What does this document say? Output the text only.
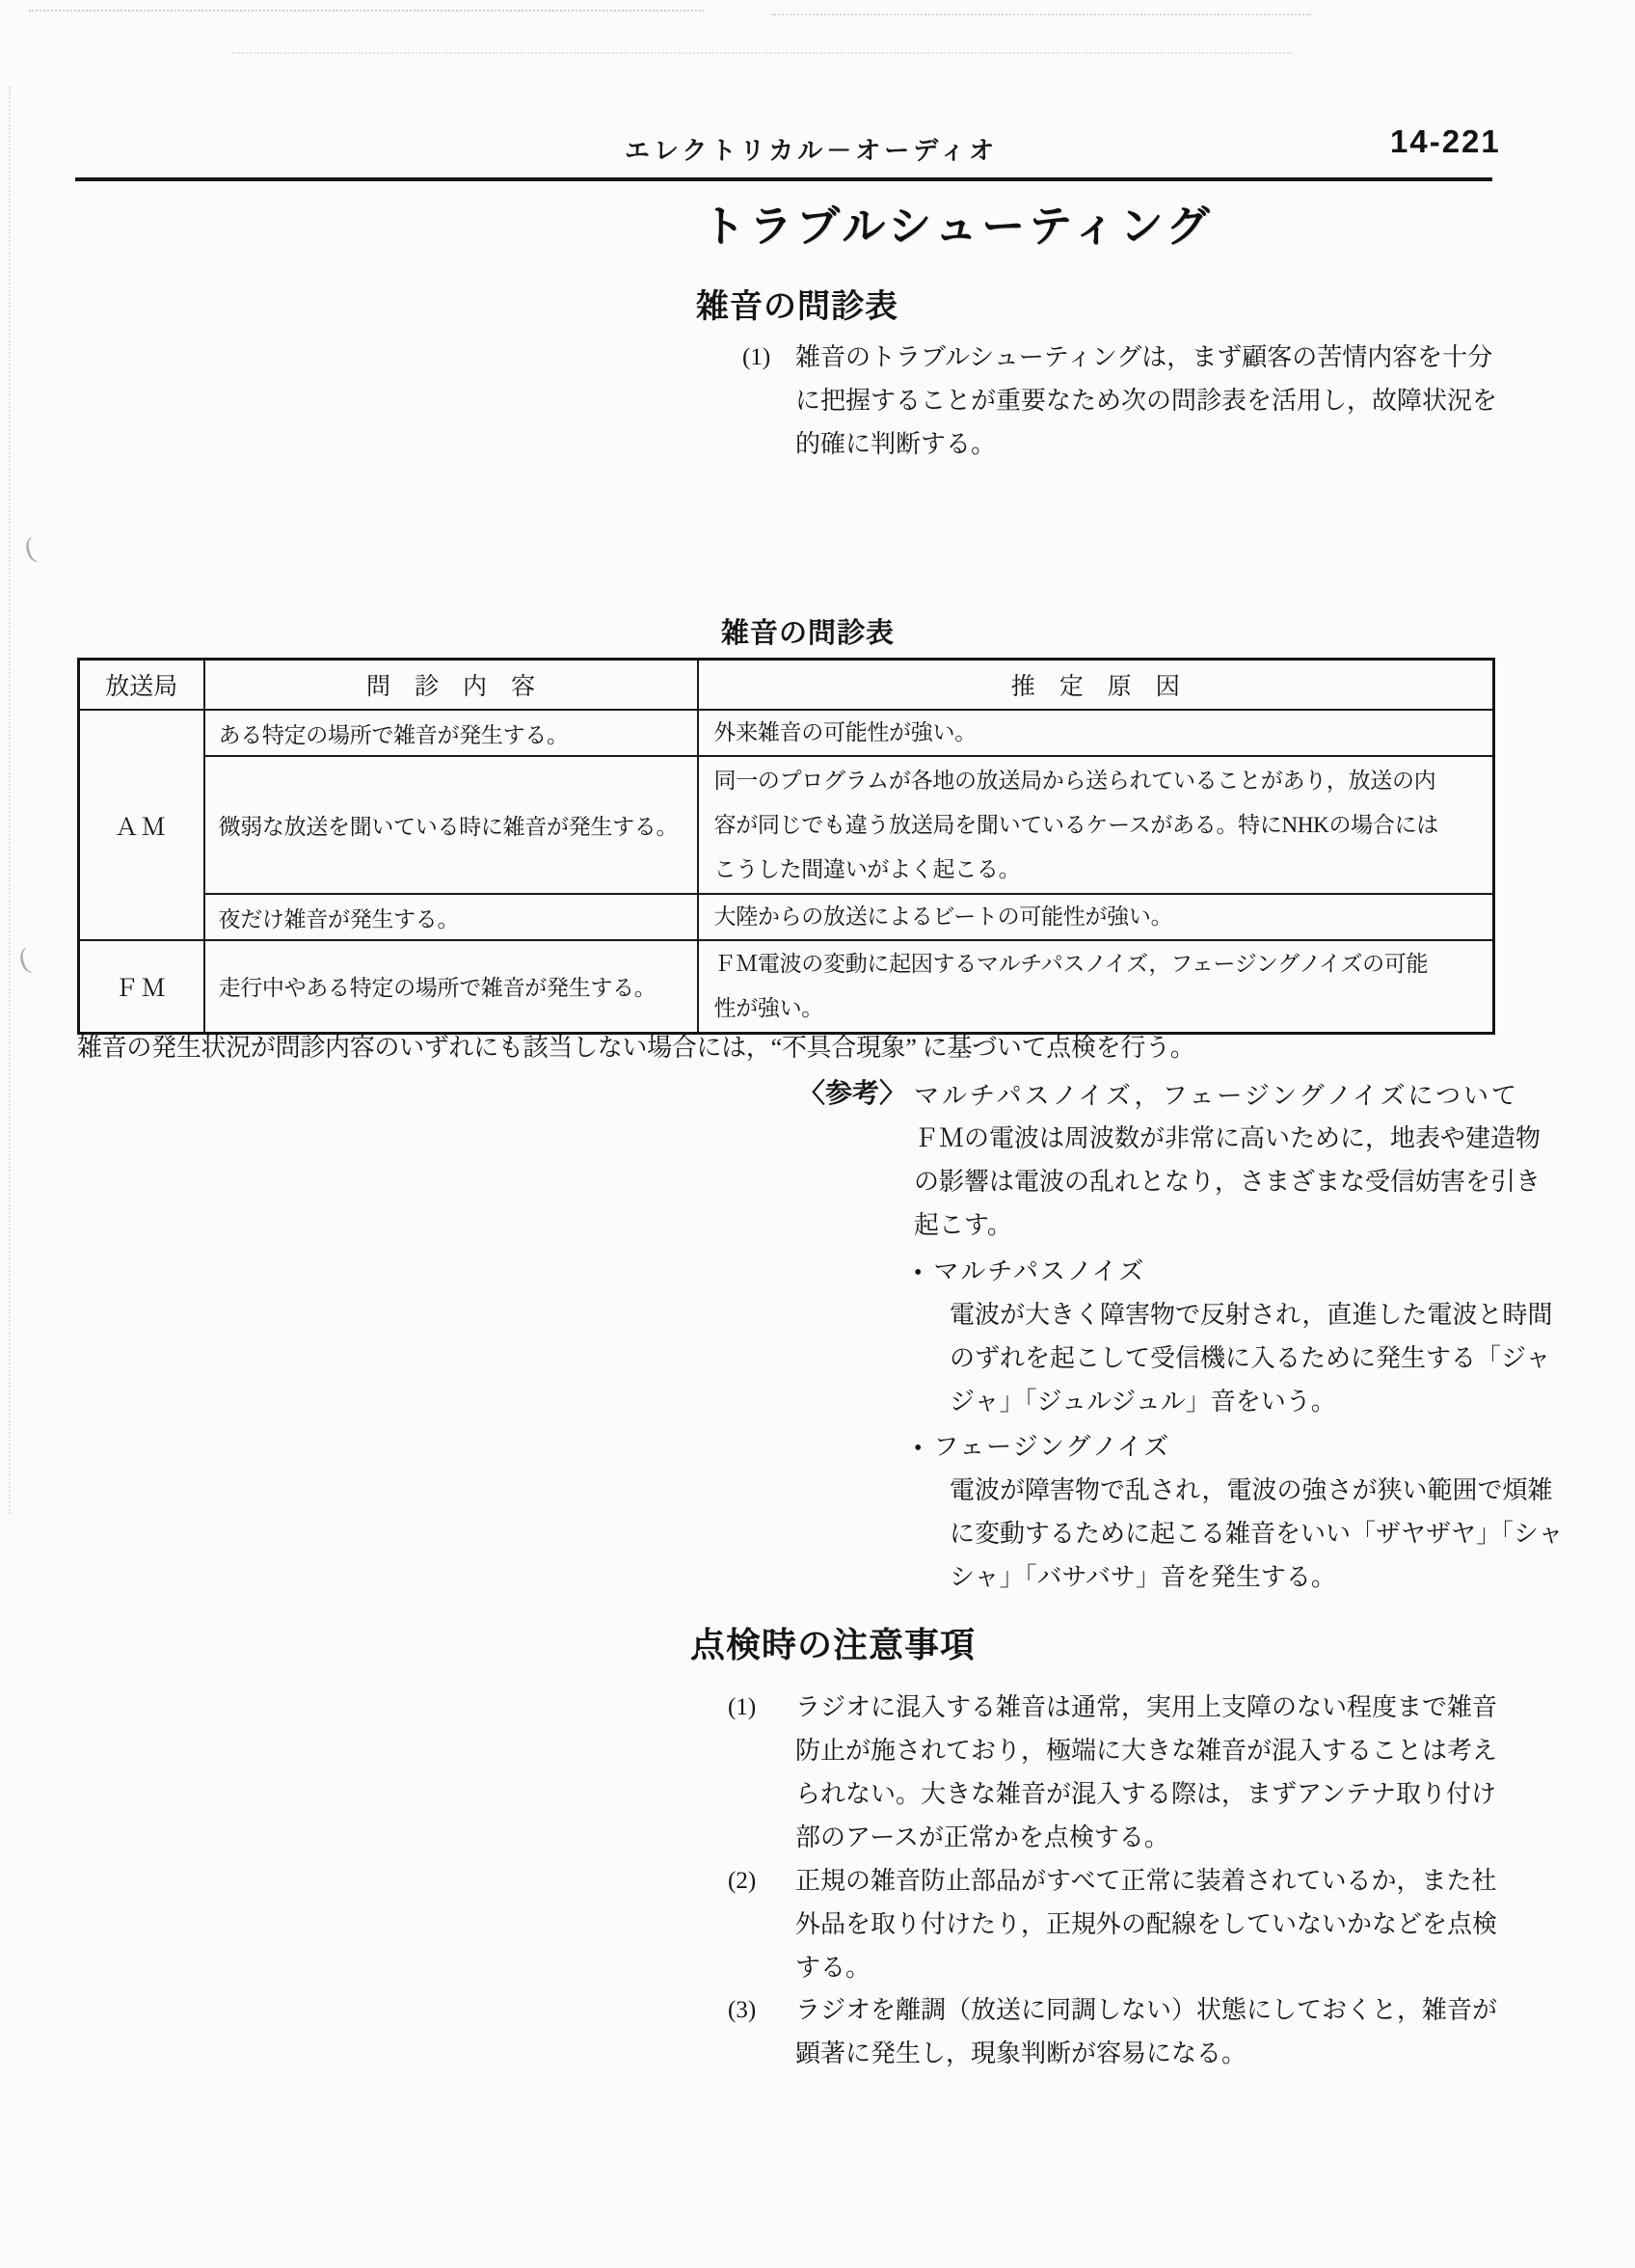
(
(
エレクトリカル－オーディオ	14-221
トラブルシューティング
雑音の問診表
(1) 雑音のトラブルシューティングは，まず顧客の苦情内容を十分
に把握することが重要なため次の問診表を活用し，故障状況を
的確に判断する。
雑音の問診表
放送局	問　診　内　容	推　定　原　因
ＡＭ	ある特定の場所で雑音が発生する。	外来雑音の可能性が強い。

	微弱な放送を聞いている時に雑音が発生する。	同一のプログラムが各地の放送局から送られていることがあり，放送の内
容が同じでも違う放送局を聞いているケースがある。特にNHKの場合には
こうした間違いがよく起こる。

	夜だけ雑音が発生する。	大陸からの放送によるビートの可能性が強い。

ＦＭ	走行中やある特定の場所で雑音が発生する。	ＦＭ電波の変動に起因するマルチパスノイズ，フェージングノイズの可能
性が強い。
雑音の発生状況が問診内容のいずれにも該当しない場合には，“不具合現象” に基づいて点検を行う。
〈参考〉 マルチパスノイズ，フェージングノイズについて
ＦＭの電波は周波数が非常に高いために，地表や建造物
の影響は電波の乱れとなり，さまざまな受信妨害を引き
起こす。
• マルチパスノイズ
電波が大きく障害物で反射され，直進した電波と時間
のずれを起こして受信機に入るために発生する「ジャ
ジャ」「ジュルジュル」音をいう。
• フェージングノイズ
電波が障害物で乱され，電波の強さが狭い範囲で煩雑
に変動するために起こる雑音をいい「ザヤザヤ」「シャ
シャ」「バサバサ」音を発生する。
点検時の注意事項
(1) ラジオに混入する雑音は通常，実用上支障のない程度まで雑音
防止が施されており，極端に大きな雑音が混入することは考え
られない。大きな雑音が混入する際は，まずアンテナ取り付け
部のアースが正常かを点検する。
(2) 正規の雑音防止部品がすべて正常に装着されているか，また社
外品を取り付けたり，正規外の配線をしていないかなどを点検
する。
(3) ラジオを離調（放送に同調しない）状態にしておくと，雑音が
顕著に発生し，現象判断が容易になる。
